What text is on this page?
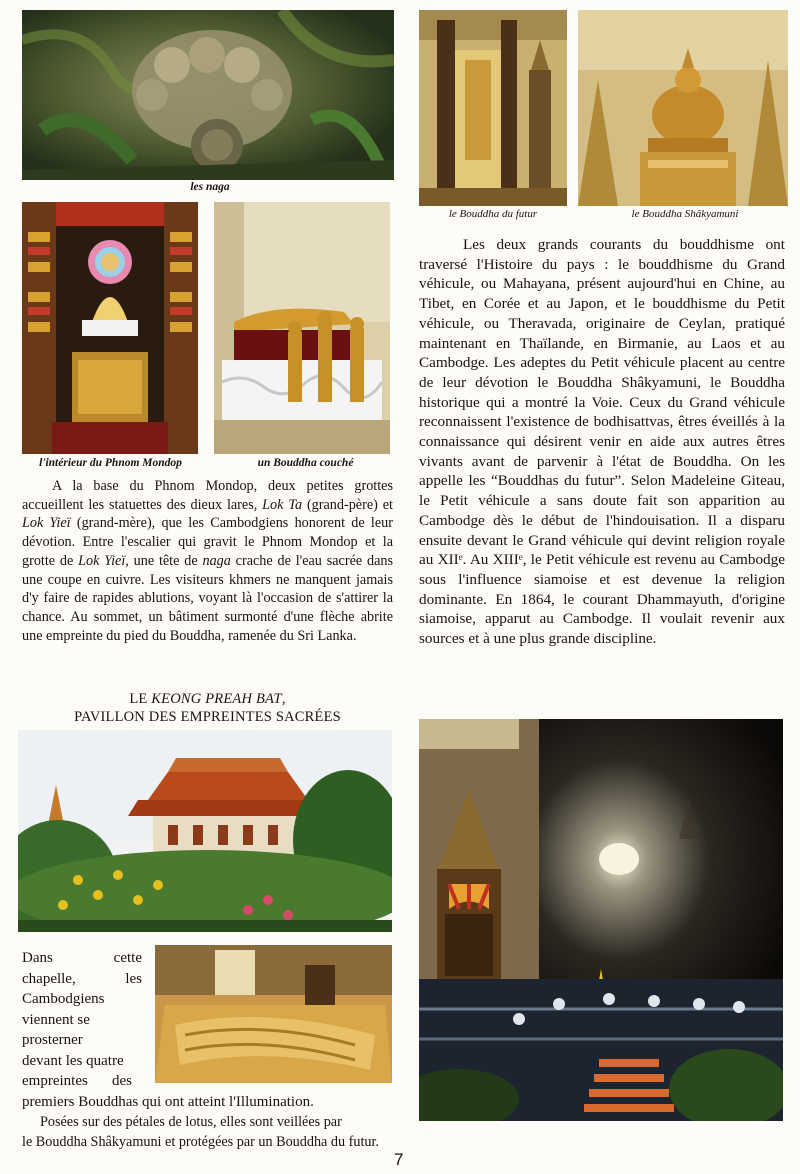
les naga
le Bouddha du futur	le Bouddha Shâkyamuni
l'intérieur du Phnom Mondop	un Bouddha couché

A la base du Phnom Mondop, deux petites grottes accueillent les statuettes des dieux lares, Lok Ta (grand-père) et Lok Yieï (grand-mère), que les Cambodgiens honorent de leur dévotion. Entre l'escalier qui gravit le Phnom Mondop et la grotte de Lok Yieï, une tête de naga crache de l'eau sacrée dans une coupe en cuivre. Les visiteurs khmers ne manquent jamais d'y faire de rapides ablutions, voyant là l'occasion de s'attirer la chance. Au sommet, un bâtiment surmonté d'une flèche abrite une empreinte du pied du Bouddha, ramenée du Sri Lanka.

LE KEONG PREAH BAT,
PAVILLON DES EMPREINTES SACRÉES

Les deux grands courants du bouddhisme ont traversé l'Histoire du pays : le bouddhisme du Grand véhicule, ou Mahayana, présent aujourd'hui en Chine, au Tibet, en Corée et au Japon, et le bouddhisme du Petit véhicule, ou Theravada, originaire de Ceylan, pratiqué maintenant en Thaïlande, en Birmanie, au Laos et au Cambodge. Les adeptes du Petit véhicule placent au centre de leur dévotion le Bouddha Shâkyamuni, le Bouddha historique qui a montré la Voie. Ceux du Grand véhicule reconnaissent l'existence de bodhisattvas, êtres éveillés à la connaissance qui désirent venir en aide aux autres êtres vivants avant de parvenir à l'état de Bouddha. On les appelle les “Bouddhas du futur”. Selon Madeleine Giteau, le Petit véhicule a sans doute fait son apparition au Cambodge dès le début de l'hindouisation. Il a disparu ensuite devant le Grand véhicule qui devint religion royale au XIIᵉ. Au XIIIᵉ, le Petit véhicule est revenu au Cambodge sous l'influence siamoise et est devenue la religion dominante. En 1864, le courant Dhammayuth, d'origine siamoise, apparut au Cambodge. Il voulait revenir aux sources et à une plus grande discipline.

Dans cette

chapelle, les

Cambodgiens

viennent se

prosterner

devant les quatre

empreintes des

premiers Bouddhas qui ont atteint l'Illumination.

Posées sur des pétales de lotus, elles sont veillées par

le Bouddha Shâkyamuni et protégées par un Bouddha du futur.

7
